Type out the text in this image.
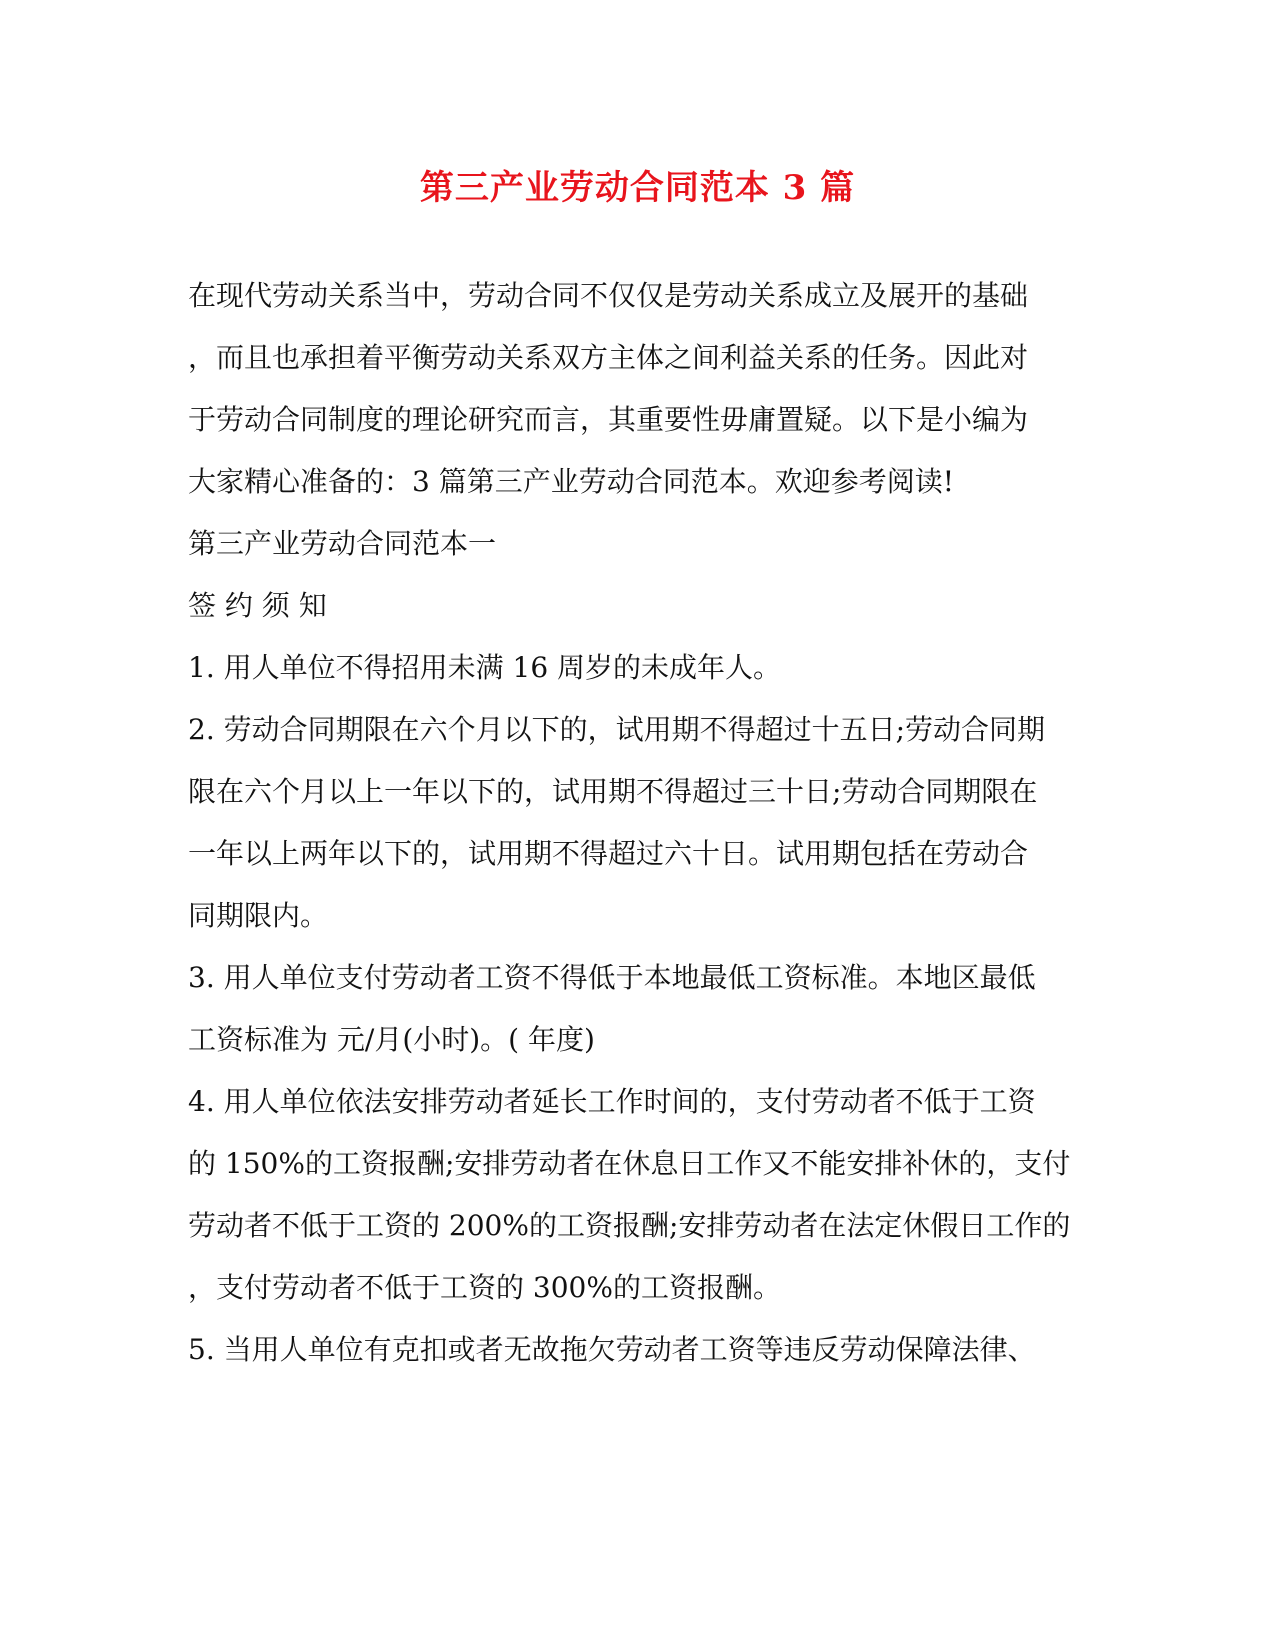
第三产业劳动合同范本 3 篇

在现代劳动关系当中，劳动合同不仅仅是劳动关系成立及展开的基础

，而且也承担着平衡劳动关系双方主体之间利益关系的任务。因此对

于劳动合同制度的理论研究而言，其重要性毋庸置疑。以下是小编为

大家精心准备的：3 篇第三产业劳动合同范本。欢迎参考阅读!

第三产业劳动合同范本一

签 约 须 知

1. 用人单位不得招用未满 16 周岁的未成年人。

2. 劳动合同期限在六个月以下的，试用期不得超过十五日;劳动合同期

限在六个月以上一年以下的，试用期不得超过三十日;劳动合同期限在

一年以上两年以下的，试用期不得超过六十日。试用期包括在劳动合

同期限内。

3. 用人单位支付劳动者工资不得低于本地最低工资标准。本地区最低

工资标准为 元/月(小时)。( 年度)

4. 用人单位依法安排劳动者延长工作时间的，支付劳动者不低于工资

的 150%的工资报酬;安排劳动者在休息日工作又不能安排补休的，支付

劳动者不低于工资的 200%的工资报酬;安排劳动者在法定休假日工作的

，支付劳动者不低于工资的 300%的工资报酬。

5. 当用人单位有克扣或者无故拖欠劳动者工资等违反劳动保障法律、
